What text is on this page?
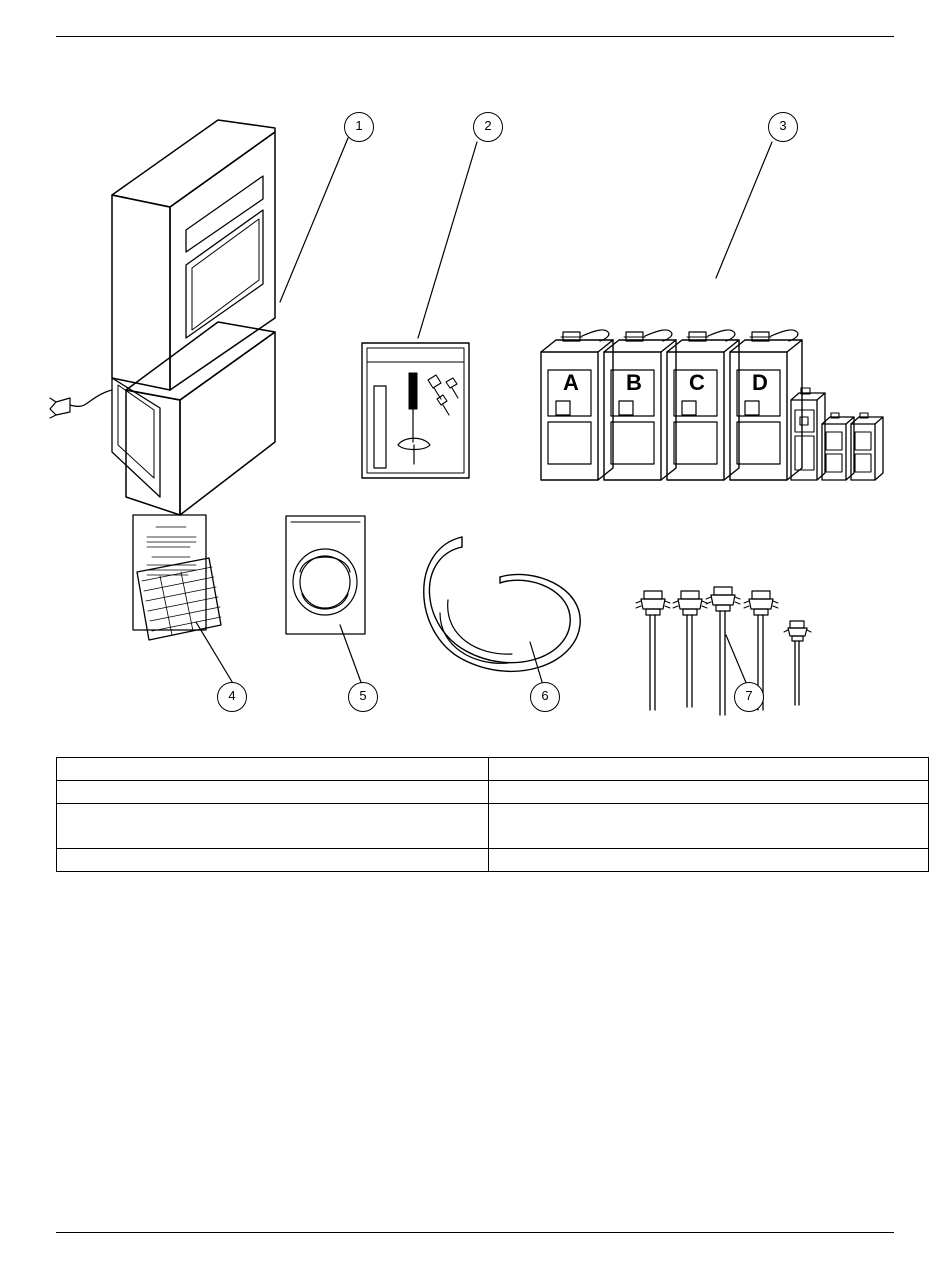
1	2	3
4	5	6	7
A	B	C	D
